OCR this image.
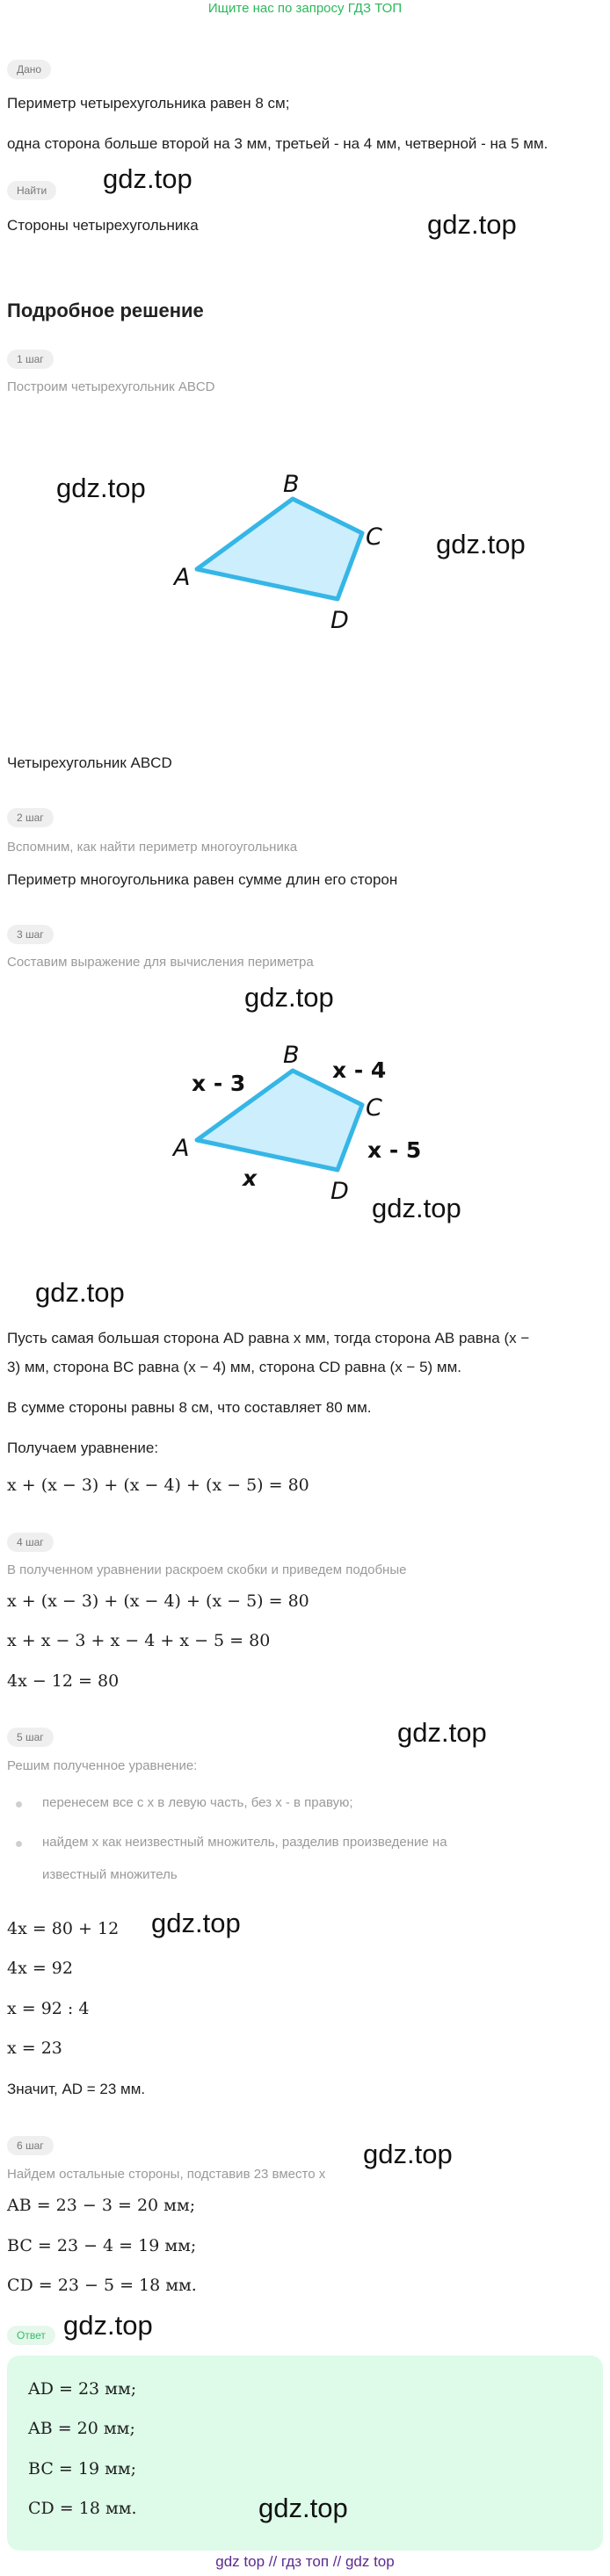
Ищите нас по запросу ГДЗ ТОП
Дано
Периметр четырехугольника равен 8 см;
одна сторона больше второй на 3 мм, третьей - на 4 мм, четверной - на 5 мм.
Найти
Стороны четырехугольника
gdz.top
gdz.top
Подробное решение
1 шаг
Построим четырехугольник ABCD
A
B
C
D
gdz.top
gdz.top
Четырехугольник ABCD
2 шаг
Вспомним, как найти периметр многоугольника
Периметр многоугольника равен сумме длин его сторон
3 шаг
Составим выражение для вычисления периметра
gdz.top
A
B
C
D
x - 3
x - 4
x - 5
x
gdz.top
gdz.top
Пусть самая большая сторона AD равна x мм, тогда сторона AB равна (x −
3) мм, сторона BC равна (x − 4) мм, сторона CD равна (x − 5) мм.
В сумме стороны равны 8 см, что составляет 80 мм.
Получаем уравнение:
x + (x − 3) + (x − 4) + (x − 5) = 80
4 шаг
В полученном уравнении раскроем скобки и приведем подобные
x + (x − 3) + (x − 4) + (x − 5) = 80
x + x − 3 + x − 4 + x − 5 = 80
4x − 12 = 80
5 шаг	gdz.top
Решим полученное уравнение:
перенесем все с x в левую часть, без x - в правую;
найдем x как неизвестный множитель, разделив произведение на
известный множитель
gdz.top
4x = 80 + 12
4x = 92
x = 92 : 4
x = 23
Значит, AD = 23 мм.
6 шаг	gdz.top
Найдем остальные стороны, подставив 23 вместо x
AB = 23 − 3 = 20 мм;
BC = 23 − 4 = 19 мм;
CD = 23 − 5 = 18 мм.
Ответ gdz.top
AD = 23 мм;
AB = 20 мм;
BC = 19 мм;
CD = 18 мм.	gdz.top
gdz top // гдз топ // gdz top
